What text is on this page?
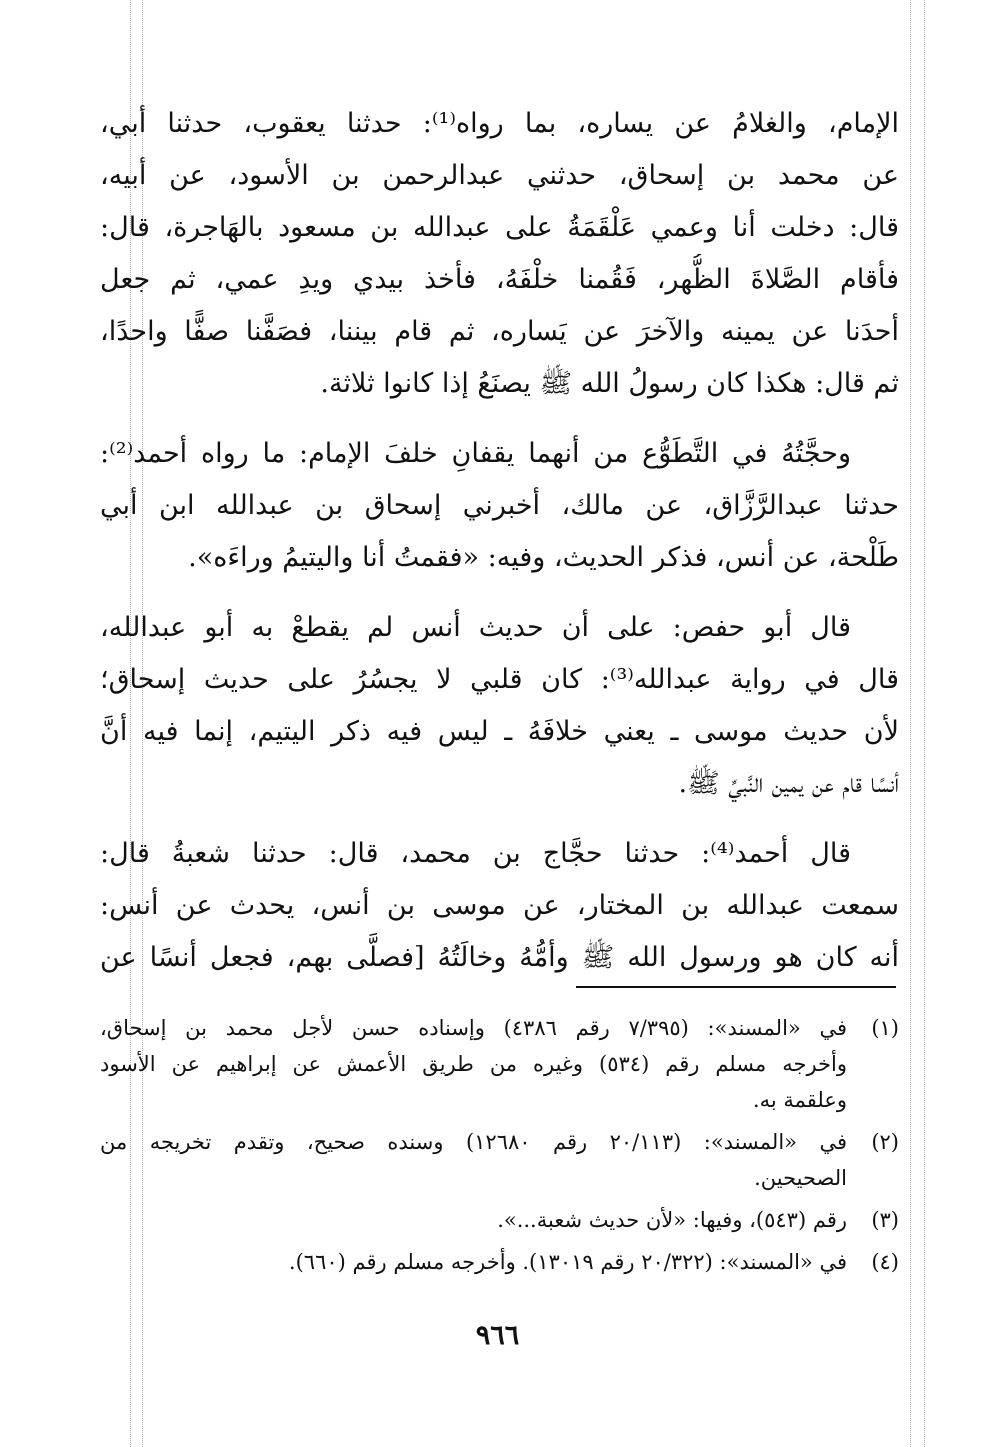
الإمام، والغلامُ عن يساره، بما رواه⁽¹⁾: حدثنا يعقوب، حدثنا أبي،
عن محمد بن إسحاق، حدثني عبدالرحمن بن الأسود، عن أبيه،
قال: دخلت أنا وعمي عَلْقَمَةُ على عبدالله بن مسعود بالهَاجرة، قال:
فأقام الصَّلاةَ الظُّهر، فَقُمنا خلْفَهُ، فأخذ بيدي ويدِ عمي، ثم جعل
أحدَنا عن يمينه والآخرَ عن يَساره، ثم قام بيننا، فصَفَّنا صفًّا واحدًا،
ثم قال: هكذا كان رسولُ الله ﷺ يصنَعُ إذا كانوا ثلاثة.

وحجَّتُهُ في التَّطَوُّع من أنهما يقفانِ خلفَ الإمام: ما رواه أحمد⁽²⁾:
حدثنا عبدالرَّزَّاق، عن مالك، أخبرني إسحاق بن عبدالله ابن أبي
طَلْحة، عن أنس، فذكر الحديث، وفيه: «فقمتُ أنا واليتيمُ وراءَه».

قال أبو حفص: على أن حديث أنس لم يقطعْ به أبو عبدالله،
قال في رواية عبدالله⁽³⁾: كان قلبي لا يجسُرُ على حديث إسحاق؛
لأن حديث موسى ـ يعني خلافَهُ ـ ليس فيه ذكر اليتيم، إنما فيه أنَّ
أنسًا قام عن يمين النَّبيِّ ﷺ.

قال أحمد⁽⁴⁾: حدثنا حجَّاج بن محمد، قال: حدثنا شعبةُ قال:
سمعت عبدالله بن المختار، عن موسى بن أنس، يحدث عن أنس:
أنه كان هو ورسول الله ﷺ وأمُّهُ وخالَتُهُ [فصلَّى بهم، فجعل أنسًا عن

(١)
في «المسند»: (٧/٣٩٥ رقم ٤٣٨٦) وإسناده حسن لأجل محمد بن إسحاق،
وأخرجه مسلم رقم (٥٣٤) وغيره من طريق الأعمش عن إبراهيم عن الأسود
وعلقمة به.
(٢)
في «المسند»: (٢٠/١١٣ رقم ١٢٦٨٠) وسنده صحيح، وتقدم تخريجه من
الصحيحين.
(٣)
رقم (٥٤٣)، وفيها: «لأن حديث شعبة...».
(٤)
في «المسند»: (٢٠/٣٢٢ رقم ١٣٠١٩). وأخرجه مسلم رقم (٦٦٠).
٩٦٦
